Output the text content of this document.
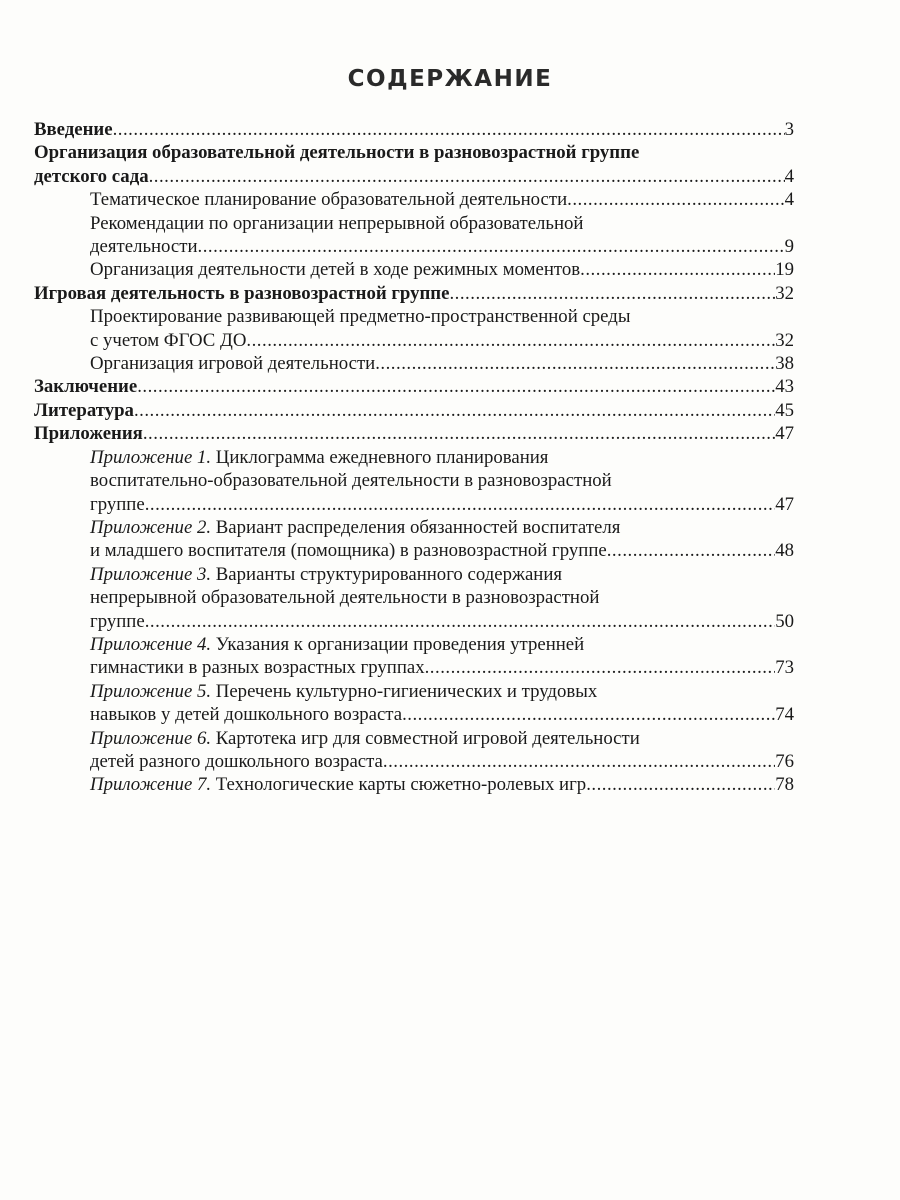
СОДЕРЖАНИЕ
Введение .....	3
Организация образовательной деятельности в разновозрастной группе
детского сада .....	4
Тематическое планирование образовательной деятельности .....	4
Рекомендации по организации непрерывной образовательной
деятельности .....	9
Организация деятельности детей в ходе режимных моментов .....	19
Игровая деятельность в разновозрастной группе .....	32
Проектирование развивающей предметно-пространственной среды
с учетом ФГОС ДО .....	32
Организация игровой деятельности .....	38
Заключение .....	43
Литература .....	45
Приложения .....	47
Приложение 1. Циклограмма ежедневного планирования
воспитательно-образовательной деятельности в разновозрастной
группе .....	47
Приложение 2. Вариант распределения обязанностей воспитателя
и младшего воспитателя (помощника) в разновозрастной группе .....	48
Приложение 3. Варианты структурированного содержания
непрерывной образовательной деятельности в разновозрастной
группе .....	50
Приложение 4. Указания к организации проведения утренней
гимнастики в разных возрастных группах .....	73
Приложение 5. Перечень культурно-гигиенических и трудовых
навыков у детей дошкольного возраста .....	74
Приложение 6. Картотека игр для совместной игровой деятельности
детей разного дошкольного возраста .....	76
Приложение 7. Технологические карты сюжетно-ролевых игр .....	78
